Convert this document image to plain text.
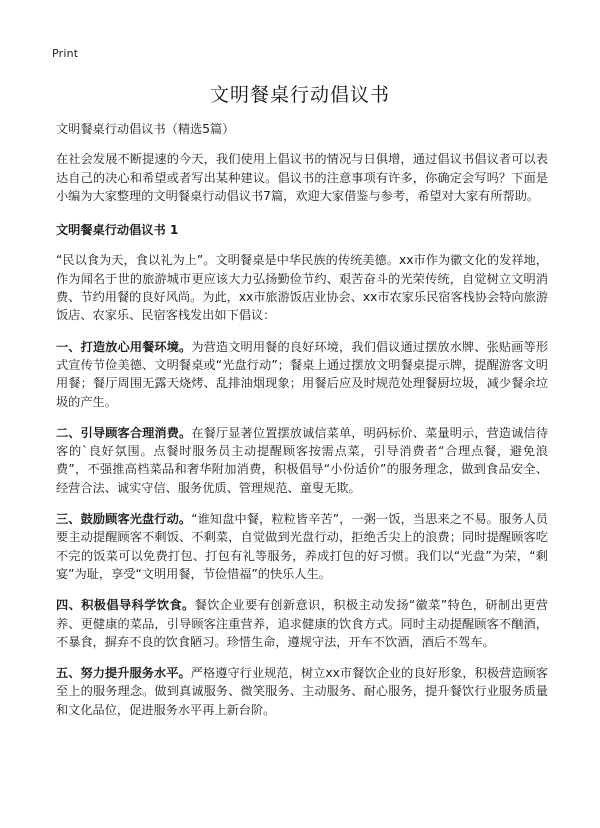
Print
文明餐桌行动倡议书

文明餐桌行动倡议书（精选5篇）

在社会发展不断提速的今天，我们使用上倡议书的情况与日俱增，通过倡议书倡议者可以表达自己的决心和希望或者写出某种建议。倡议书的注意事项有许多，你确定会写吗？下面是小编为大家整理的文明餐桌行动倡议书7篇，欢迎大家借鉴与参考，希望对大家有所帮助。

文明餐桌行动倡议书 1

“民以食为天，食以礼为上”。文明餐桌是中华民族的传统美德。xx市作为徽文化的发祥地，作为闻名于世的旅游城市更应该大力弘扬勤俭节约、艰苦奋斗的光荣传统，自觉树立文明消费、节约用餐的良好风尚。为此，xx市旅游饭店业协会、xx市农家乐民宿客栈协会特向旅游饭店、农家乐、民宿客栈发出如下倡议：

一、打造放心用餐环境。为营造文明用餐的良好环境，我们倡议通过摆放水牌、张贴画等形式宣传节俭美德、文明餐桌或“光盘行动”；餐桌上通过摆放文明餐桌提示牌，提醒游客文明用餐；餐厅周围无露天烧烤、乱排油烟现象；用餐后应及时规范处理餐厨垃圾，减少餐余垃圾的产生。

二、引导顾客合理消费。在餐厅显著位置摆放诚信菜单，明码标价、菜量明示，营造诚信待客的`良好氛围。点餐时服务员主动提醒顾客按需点菜，引导消费者“合理点餐，避免浪费”，不强推高档菜品和奢华附加消费，积极倡导“小份适价”的服务理念，做到食品安全、经营合法、诚实守信、服务优质、管理规范、童叟无欺。

三、鼓励顾客光盘行动。“谁知盘中餐，粒粒皆辛苦”，一粥一饭，当思来之不易。服务人员要主动提醒顾客不剩饭、不剩菜，自觉做到光盘行动，拒绝舌尖上的浪费；同时提醒顾客吃不完的饭菜可以免费打包、打包有礼等服务，养成打包的好习惯。我们以“光盘”为荣，“剩宴”为耻，享受“文明用餐，节俭惜福”的快乐人生。

四、积极倡导科学饮食。餐饮企业要有创新意识，积极主动发扬“徽菜”特色，研制出更营养、更健康的菜品，引导顾客注重营养，追求健康的饮食方式。同时主动提醒顾客不酗酒，不暴食，摒弃不良的饮食陋习。珍惜生命，遵规守法，开车不饮酒，酒后不驾车。

五、努力提升服务水平。严格遵守行业规范，树立xx市餐饮企业的良好形象，积极营造顾客至上的服务理念。做到真诚服务、微笑服务、主动服务、耐心服务，提升餐饮行业服务质量和文化品位，促进服务水平再上新台阶。
